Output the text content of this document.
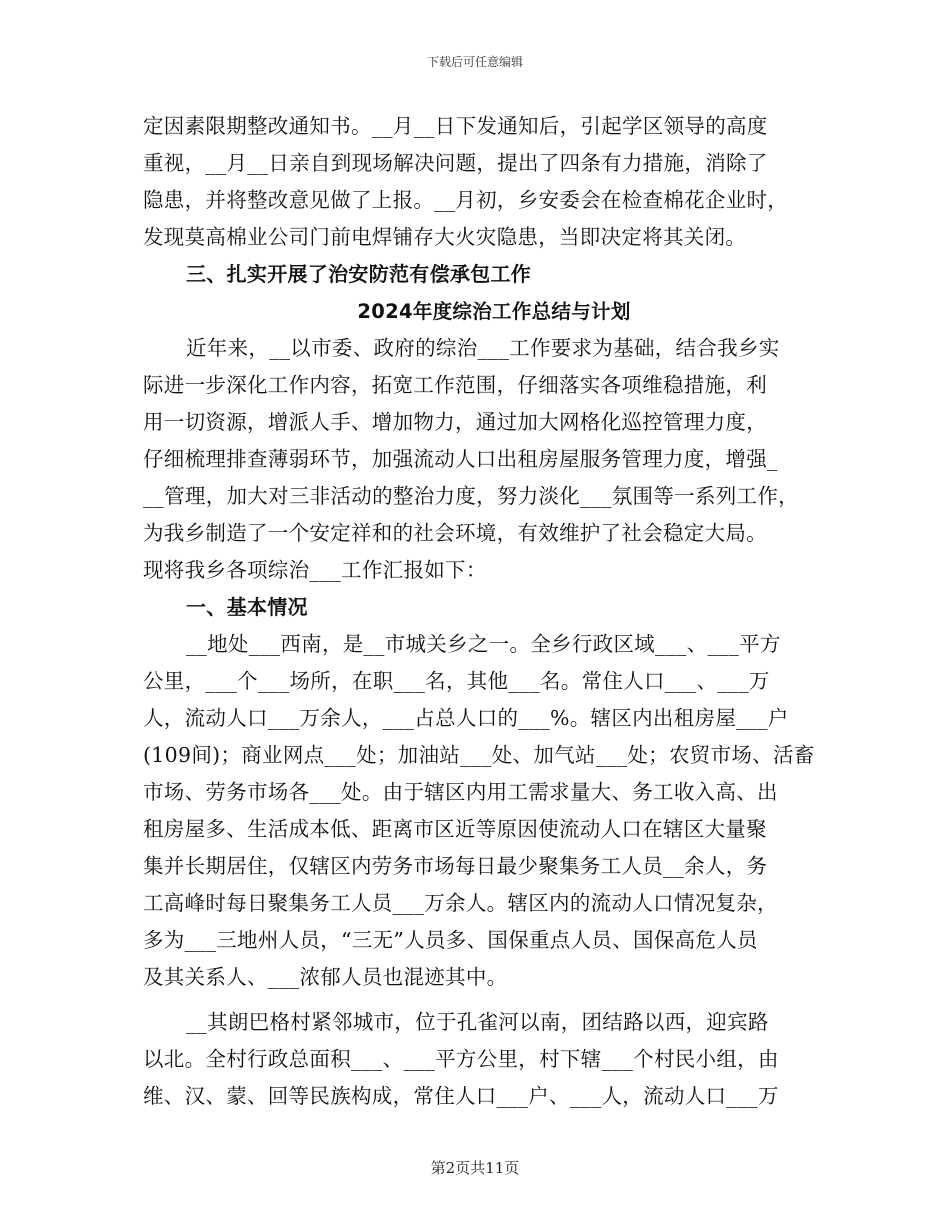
下载后可任意编辑
定因素限期整改通知书。__月__日下发通知后，引起学区领导的高度
重视，__月__日亲自到现场解决问题，提出了四条有力措施，消除了
隐患，并将整改意见做了上报。__月初，乡安委会在检查棉花企业时，
发现莫高棉业公司门前电焊铺存大火灾隐患，当即决定将其关闭。
三、扎实开展了治安防范有偿承包工作
2024年度综治工作总结与计划
近年来，__以市委、政府的综治___工作要求为基础，结合我乡实
际进一步深化工作内容，拓宽工作范围，仔细落实各项维稳措施，利
用一切资源，增派人手、增加物力，通过加大网格化巡控管理力度，
仔细梳理排查薄弱环节，加强流动人口出租房屋服务管理力度，增强_
__管理，加大对三非活动的整治力度，努力淡化___氛围等一系列工作，
为我乡制造了一个安定祥和的社会环境，有效维护了社会稳定大局。
现将我乡各项综治___工作汇报如下：
一、基本情况
__地处___西南，是__市城关乡之一。全乡行政区域___、___平方
公里，___个___场所，在职___名，其他___名。常住人口___、___万
人，流动人口___万余人，___占总人口的___%。辖区内出租房屋___户
(109间)；商业网点___处；加油站___处、加气站___处；农贸市场、活畜
市场、劳务市场各___处。由于辖区内用工需求量大、务工收入高、出
租房屋多、生活成本低、距离市区近等原因使流动人口在辖区大量聚
集并长期居住，仅辖区内劳务市场每日最少聚集务工人员__余人，务
工高峰时每日聚集务工人员___万余人。辖区内的流动人口情况复杂，
多为___三地州人员，“三无”人员多、国保重点人员、国保高危人员
及其关系人、___浓郁人员也混迹其中。
__其朗巴格村紧邻城市，位于孔雀河以南，团结路以西，迎宾路
以北。全村行政总面积___、___平方公里，村下辖___个村民小组，由
维、汉、蒙、回等民族构成，常住人口___户、___人，流动人口___万
第2页共11页
